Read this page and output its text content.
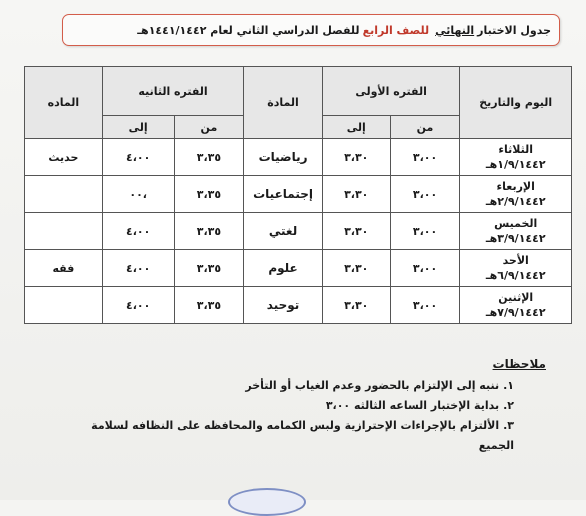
جدول الاختبار
النهائي
للصف الرابع
للفصل الدراسي الثاني لعام ١٤٤١/١٤٤٢هـ
اليوم والتاريخ	الفتره الأولى		المادة	الفتره الثانيه		الماده
	من	إلى		من	إلى	

الثلاثاء
١/٩/١٤٤٢هـ	٣،٠٠	٣،٣٠	رياضيات	٣،٣٥	٤،٠٠	حديث

الإربعاء
٢/٩/١٤٤٢هـ	٣،٠٠	٣،٣٠	إجتماعيات	٣،٣٥	،٠٠	

الخميس
٣/٩/١٤٤٢هـ	٣،٠٠	٣،٣٠	لغتي	٣،٣٥	٤،٠٠	

الأحد
٦/٩/١٤٤٢هـ	٣،٠٠	٣،٣٠	علوم	٣،٣٥	٤،٠٠	فقه

الإثنين
٧/٩/١٤٤٢هـ	٣،٠٠	٣،٣٠	توحيد	٣،٣٥	٤،٠٠	
ملاحظات
١.ننبه إلى الإلتزام بالحضور وعدم الغياب أو التأخر
٢.بداية الإختبار الساعه الثالثه ٣،٠٠
٣.الألتزام بالإجراءات الإحترازية ولبس الكمامه والمحافظه على النظافه لسلامة
الجميع
